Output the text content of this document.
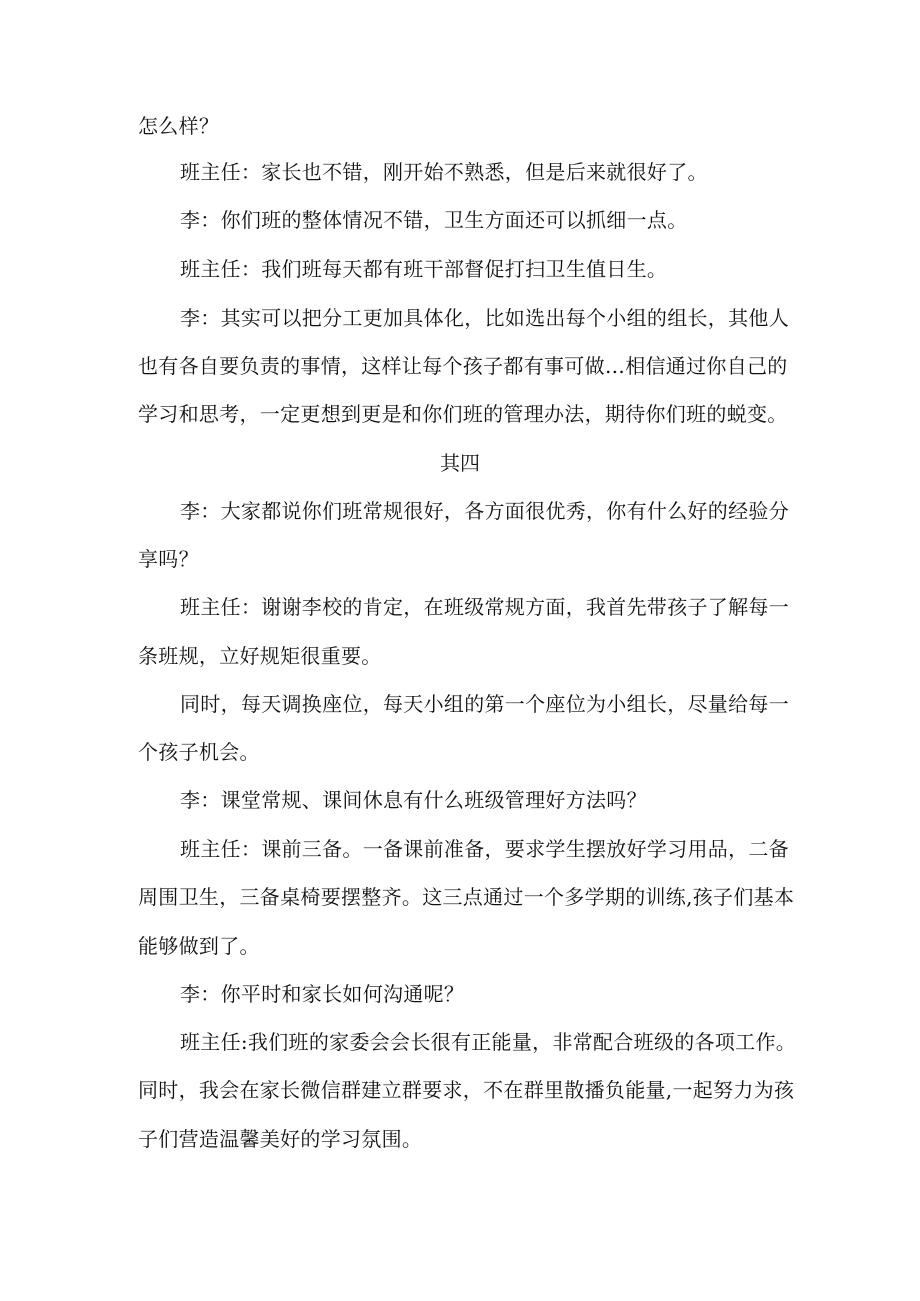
怎么样？

班主任：家长也不错，刚开始不熟悉，但是后来就很好了。

李：你们班的整体情况不错，卫生方面还可以抓细一点。

班主任：我们班每天都有班干部督促打扫卫生值日生。

李：其实可以把分工更加具体化，比如选出每个小组的组长，其他人

也有各自要负责的事情，这样让每个孩子都有事可做…相信通过你自己的

学习和思考，一定更想到更是和你们班的管理办法，期待你们班的蜕变。

其四

李：大家都说你们班常规很好，各方面很优秀，你有什么好的经验分

享吗？

班主任：谢谢李校的肯定，在班级常规方面，我首先带孩子了解每一

条班规，立好规矩很重要。

同时，每天调换座位，每天小组的第一个座位为小组长，尽量给每一

个孩子机会。

李：课堂常规、课间休息有什么班级管理好方法吗？

班主任：课前三备。一备课前准备，要求学生摆放好学习用品，二备

周围卫生，三备桌椅要摆整齐。这三点通过一个多学期的训练,孩子们基本

能够做到了。

李：你平时和家长如何沟通呢？

班主任:我们班的家委会会长很有正能量，非常配合班级的各项工作。

同时，我会在家长微信群建立群要求，不在群里散播负能量,一起努力为孩

子们营造温馨美好的学习氛围。
